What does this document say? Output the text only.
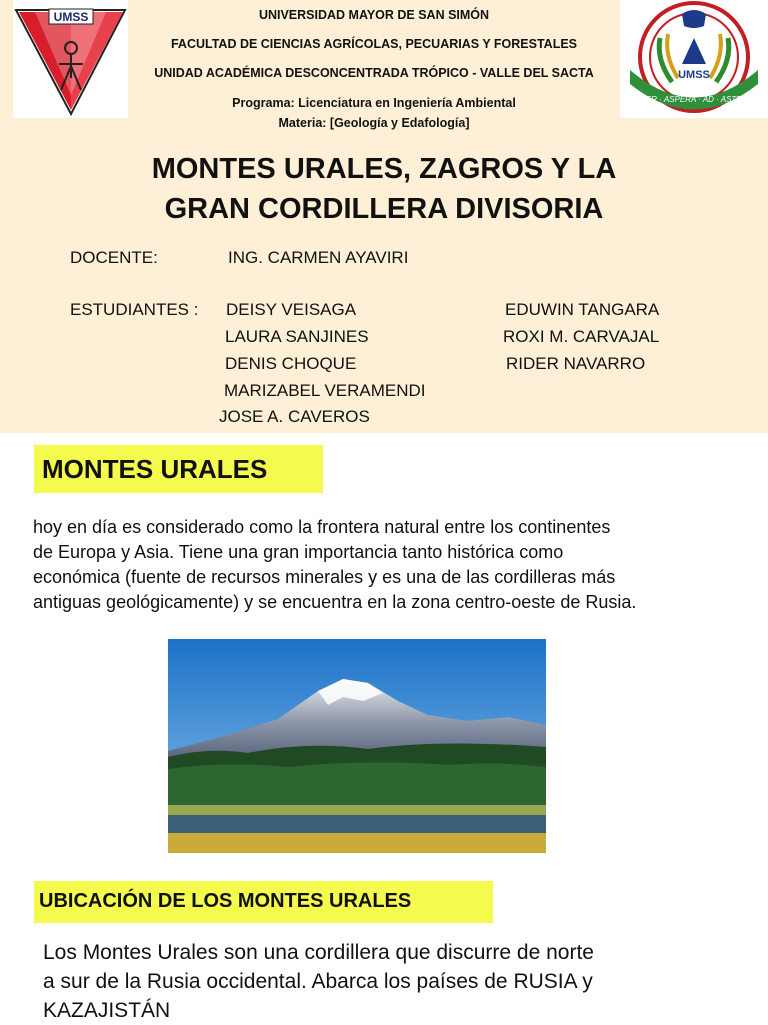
UMSS
UMSS
PER · ASPERA · AD · ASTRA
UNIVERSIDAD MAYOR DE SAN SIMÓN
FACULTAD DE CIENCIAS AGRÍCOLAS, PECUARIAS Y FORESTALES
UNIDAD ACADÉMICA DESCONCENTRADA TRÓPICO - VALLE DEL SACTA
Programa: Licenciatura en Ingeniería Ambiental
Materia: [Geología y Edafología]
MONTES URALES, ZAGROS Y LA
GRAN CORDILLERA DIVISORIA
DOCENTE:	ING. CARMEN AYAVIRI
ESTUDIANTES : DEISY VEISAGA
LAURA SANJINES
DENIS CHOQUE
MARIZABEL VERAMENDI
JOSE A. CAVEROS
EDUWIN TANGARA
ROXI M. CARVAJAL
RIDER NAVARRO
MONTES URALES
hoy en día es considerado como la frontera natural entre los continentes
de Europa y Asia. Tiene una gran importancia tanto histórica como
económica (fuente de recursos minerales y es una de las cordilleras más
antiguas geológicamente) y se encuentra en la zona centro-oeste de Rusia.
UBICACIÓN DE LOS MONTES URALES
Los Montes Urales son una cordillera que discurre de norte
a sur de la Rusia occidental. Abarca los países de RUSIA y
KAZAJISTÁN
